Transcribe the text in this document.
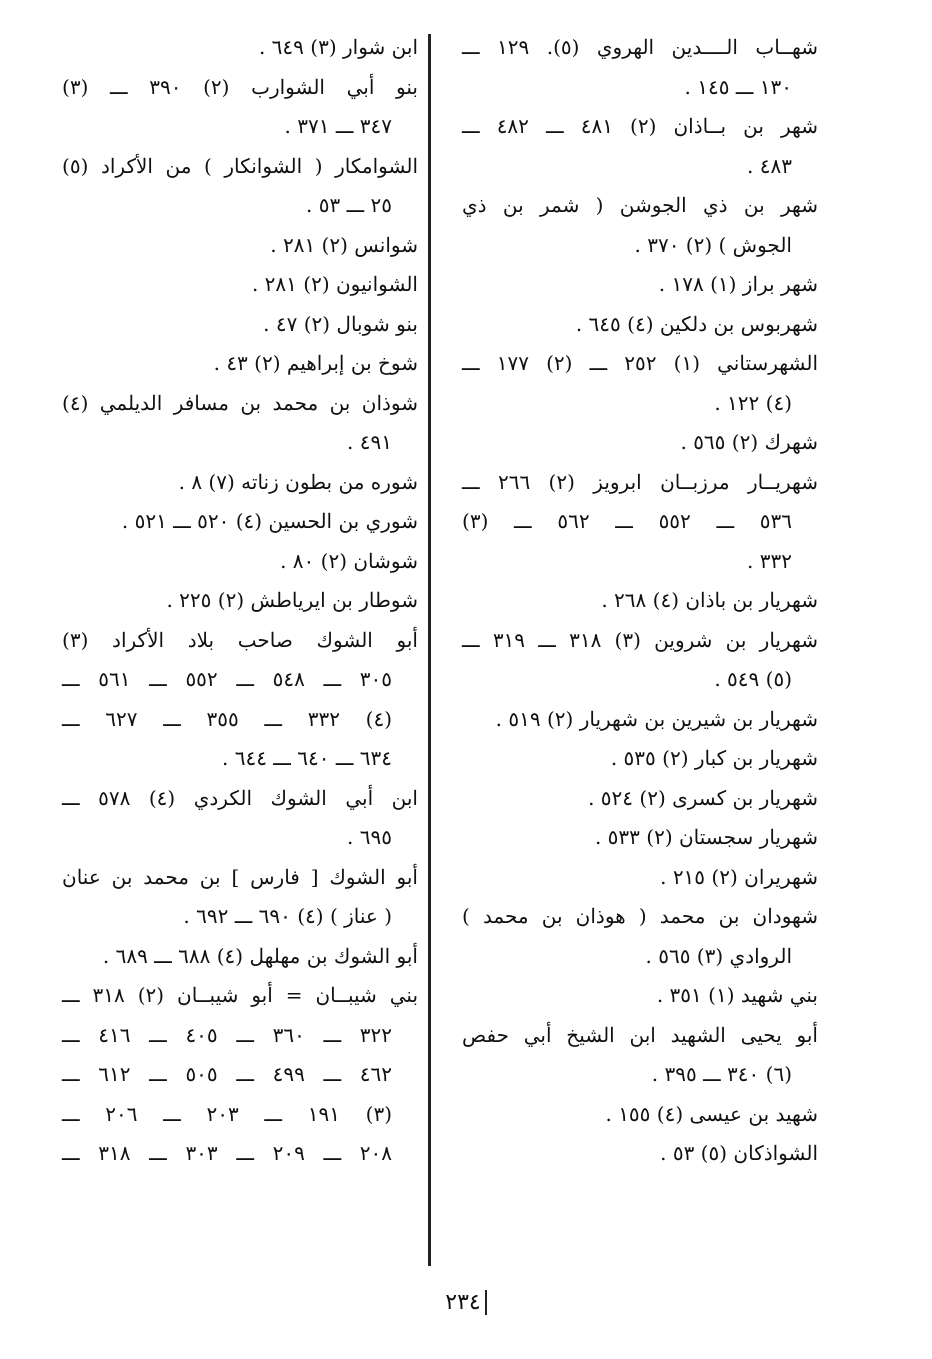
شهــاب الــــدين الهروي (٥). ١٢٩ ـــ
١٣٠ ـــ ١٤٥ .
شهر بن بــاذان (٢) ٤٨١ ـــ ٤٨٢ ـــ
٤٨٣ .
شهر بن ذي الجوشن ( شمر بن ذي
الجوش ) (٢) ٣٧٠ .
شهر براز (١) ١٧٨ .
شهربوس بن دلكين (٤) ٦٤٥ .
الشهرستاني (١) ٢٥٢ ـــ (٢) ١٧٧ ـــ
(٤) ١٢٢ .
شهرك (٢) ٥٦٥ .
شهريــار مرزبــان ابرويز (٢) ٢٦٦ ـــ
٥٣٦ ـــ ٥٥٢ ـــ ٥٦٢ ـــ (٣)
٣٣٢ .
شهريار بن باذان (٤) ٢٦٨ .
شهريار بن شروين (٣) ٣١٨ ـــ ٣١٩ ـــ
(٥) ٥٤٩ .
شهريار بن شيرين بن شهريار (٢) ٥١٩ .
شهريار بن كبار (٢) ٥٣٥ .
شهريار بن كسرى (٢) ٥٢٤ .
شهريار سجستان (٢) ٥٣٣ .
شهريران (٢) ٢١٥ .
شهودان بن محمد ( هوذان بن محمد )
الروادي (٣) ٥٦٥ .
بني شهيد (١) ٣٥١ .
أبو يحيى الشهيد ابن الشيخ أبي حفص
(٦) ٣٤٠ ـــ ٣٩٥ .
شهيد بن عيسى (٤) ١٥٥ .
الشواذكان (٥) ٥٣ .
ابن شوار (٣) ٦٤٩ .
بنو أبي الشوارب (٢) ٣٩٠ ـــ (٣)
٣٤٧ ـــ ٣٧١ .
الشوامكار ( الشوانكار ) من الأكراد (٥)
٢٥ ـــ ٥٣ .
شوانس (٢) ٢٨١ .
الشوانيون (٢) ٢٨١ .
بنو شوبال (٢) ٤٧ .
شوخ بن إبراهيم (٢) ٤٣ .
شوذان بن محمد بن مسافر الديلمي (٤)
٤٩١ .
شوره من بطون زناته (٧) ٨ .
شوري بن الحسين (٤) ٥٢٠ ـــ ٥٢١ .
شوشان (٢) ٨٠ .
شوطار بن ايرياطش (٢) ٢٢٥ .
أبو الشوك صاحب بلاد الأكراد (٣)
٣٠٥ ـــ ٥٤٨ ـــ ٥٥٢ ـــ ٥٦١ ـــ
(٤) ٣٣٢ ـــ ٣٥٥ ـــ ٦٢٧ ـــ
٦٣٤ ـــ ٦٤٠ ـــ ٦٤٤ .
ابن أبي الشوك الكردي (٤) ٥٧٨ ـــ
٦٩٥ .
أبو الشوك [ فارس ] بن محمد بن عنان
( عناز ) (٤) ٦٩٠ ـــ ٦٩٢ .
أبو الشوك بن مهلهل (٤) ٦٨٨ ـــ ٦٨٩ .
بني شيبــان = أبو شيبــان (٢) ٣١٨ ـــ
٣٢٢ ـــ ٣٦٠ ـــ ٤٠٥ ـــ ٤١٦ ـــ
٤٦٢ ـــ ٤٩٩ ـــ ٥٠٥ ـــ ٦١٢ ـــ
(٣) ١٩١ ـــ ٢٠٣ ـــ ٢٠٦ ـــ
٢٠٨ ـــ ٢٠٩ ـــ ٣٠٣ ـــ ٣١٨ ـــ
٢٣٤
